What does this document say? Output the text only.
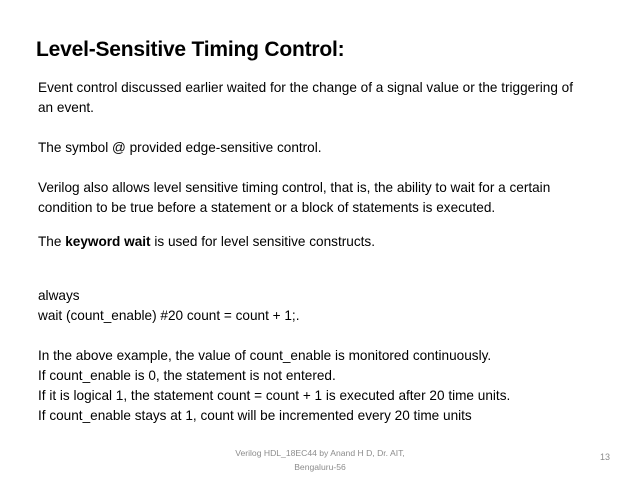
Level-Sensitive Timing Control:
Event control discussed earlier waited for the change of a signal value or the triggering of
an event.
The symbol @ provided edge-sensitive control.
Verilog also allows level sensitive timing control, that is, the ability to wait for a certain
condition to be true before a statement or a block of statements is executed.
The keyword wait is used for level sensitive constructs.
always
wait (count_enable) #20 count = count + 1;.
In the above example, the value of count_enable is monitored continuously.
If count_enable is 0, the statement is not entered.
If it is logical 1, the statement count = count + 1 is executed after 20 time units.
If count_enable stays at 1, count will be incremented every 20 time units
Verilog HDL_18EC44 by Anand H D, Dr. AIT,
Bengaluru-56
13
